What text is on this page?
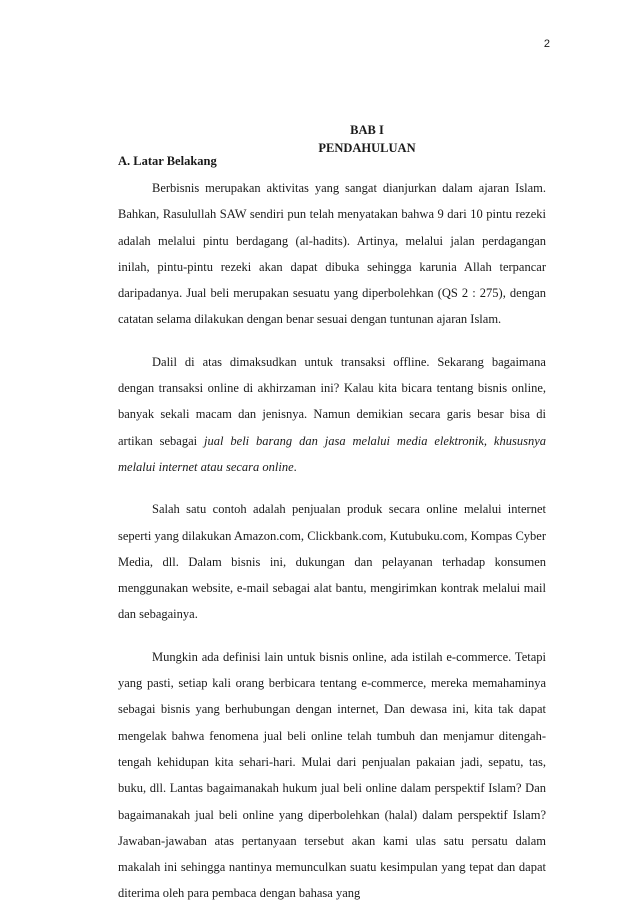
2
BAB I
PENDAHULUAN
A. Latar Belakang

Berbisnis merupakan aktivitas yang sangat dianjurkan dalam ajaran Islam. Bahkan, Rasulullah SAW sendiri pun telah menyatakan bahwa 9 dari 10 pintu rezeki adalah melalui pintu berdagang (al-hadits). Artinya, melalui jalan perdagangan inilah, pintu-pintu rezeki akan dapat dibuka sehingga karunia Allah terpancar daripadanya. Jual beli merupakan sesuatu yang diperbolehkan (QS 2 : 275), dengan catatan selama dilakukan dengan benar sesuai dengan tuntunan ajaran Islam.

Dalil di atas dimaksudkan untuk transaksi offline. Sekarang bagaimana dengan transaksi online di akhirzaman ini? Kalau kita bicara tentang bisnis online, banyak sekali macam dan jenisnya. Namun demikian secara garis besar bisa di artikan sebagai jual beli barang dan jasa melalui media elektronik, khususnya melalui internet atau secara online.

Salah satu contoh adalah penjualan produk secara online melalui internet seperti yang dilakukan Amazon.com, Clickbank.com, Kutubuku.com, Kompas Cyber Media, dll. Dalam bisnis ini, dukungan dan pelayanan terhadap konsumen menggunakan website, e-mail sebagai alat bantu, mengirimkan kontrak melalui mail dan sebagainya.

Mungkin ada definisi lain untuk bisnis online, ada istilah e-commerce. Tetapi yang pasti, setiap kali orang berbicara tentang e-commerce, mereka memahaminya sebagai bisnis yang berhubungan dengan internet, Dan dewasa ini, kita tak dapat mengelak bahwa fenomena jual beli online telah tumbuh dan menjamur ditengah-tengah kehidupan kita sehari-hari. Mulai dari penjualan pakaian jadi, sepatu, tas, buku, dll. Lantas bagaimanakah hukum jual beli online dalam perspektif Islam? Dan bagaimanakah jual beli online yang diperbolehkan (halal) dalam perspektif Islam? Jawaban-jawaban atas pertanyaan tersebut akan kami ulas satu persatu dalam makalah ini sehingga nantinya memunculkan suatu kesimpulan yang tepat dan dapat diterima oleh para pembaca dengan bahasa yang
